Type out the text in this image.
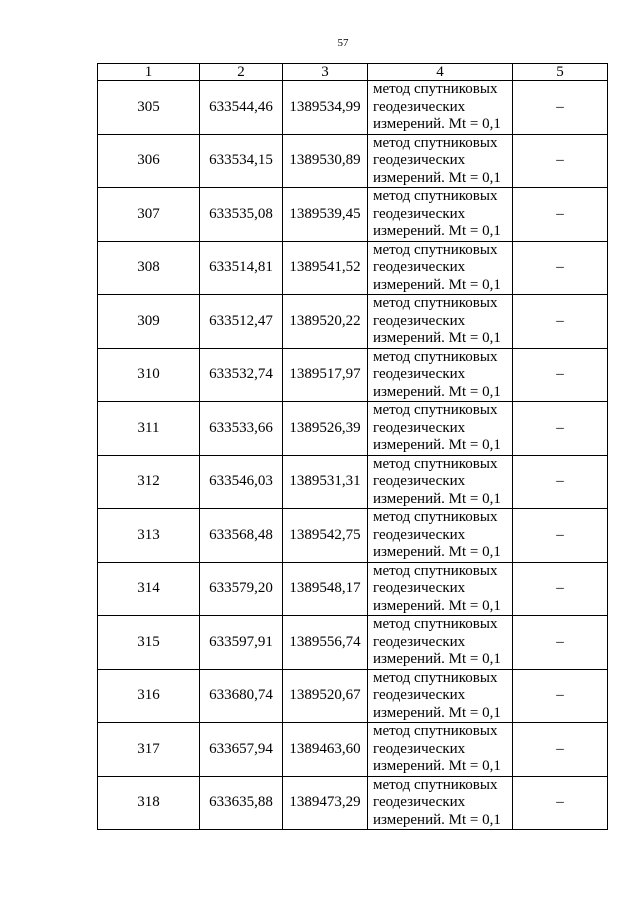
57
1	2	3	4	5
305	633544,46	1389534,99	метод спутниковых
геодезических
измерений. Mt = 0,1	–
306	633534,15	1389530,89	метод спутниковых
геодезических
измерений. Mt = 0,1	–
307	633535,08	1389539,45	метод спутниковых
геодезических
измерений. Mt = 0,1	–
308	633514,81	1389541,52	метод спутниковых
геодезических
измерений. Mt = 0,1	–
309	633512,47	1389520,22	метод спутниковых
геодезических
измерений. Mt = 0,1	–
310	633532,74	1389517,97	метод спутниковых
геодезических
измерений. Mt = 0,1	–
311	633533,66	1389526,39	метод спутниковых
геодезических
измерений. Mt = 0,1	–
312	633546,03	1389531,31	метод спутниковых
геодезических
измерений. Mt = 0,1	–
313	633568,48	1389542,75	метод спутниковых
геодезических
измерений. Mt = 0,1	–
314	633579,20	1389548,17	метод спутниковых
геодезических
измерений. Mt = 0,1	–
315	633597,91	1389556,74	метод спутниковых
геодезических
измерений. Mt = 0,1	–
316	633680,74	1389520,67	метод спутниковых
геодезических
измерений. Mt = 0,1	–
317	633657,94	1389463,60	метод спутниковых
геодезических
измерений. Mt = 0,1	–
318	633635,88	1389473,29	метод спутниковых
геодезических
измерений. Mt = 0,1	–
